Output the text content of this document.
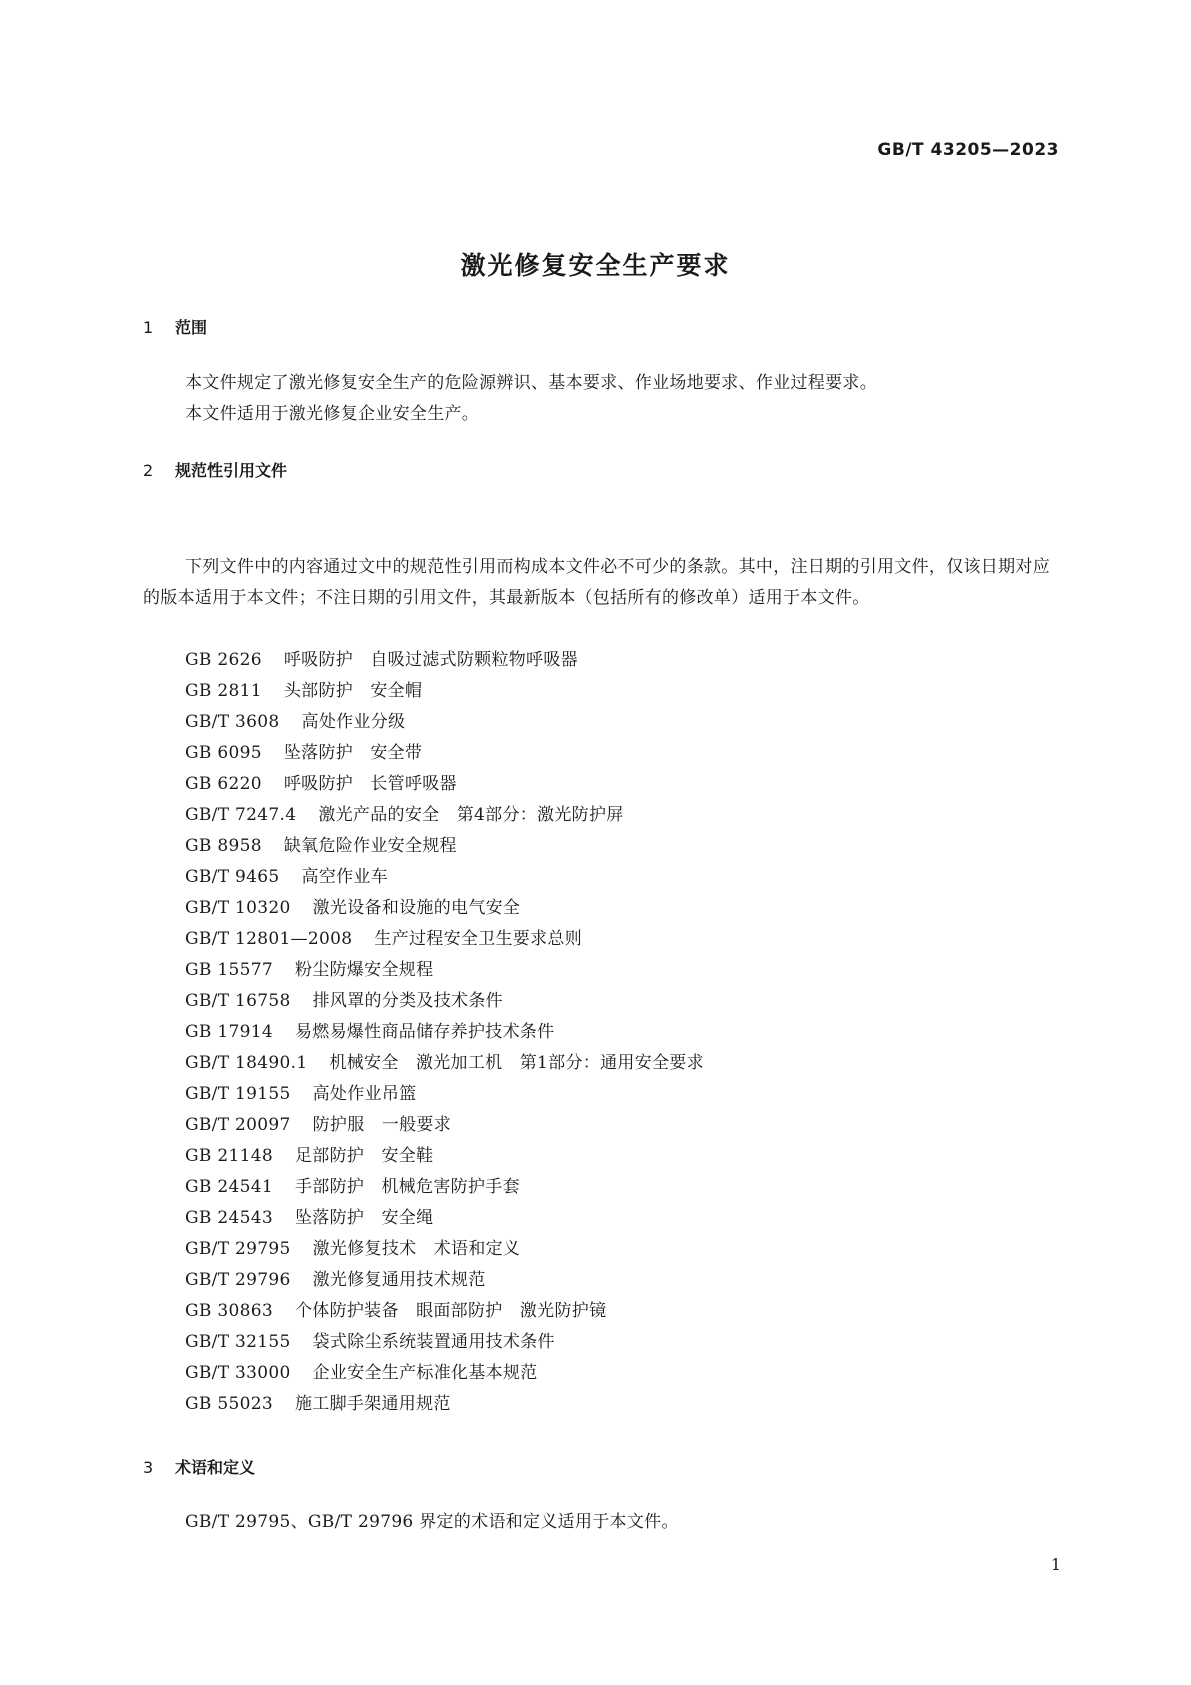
GB/T 43205—2023
激光修复安全生产要求
1 范围

本文件规定了激光修复安全生产的危险源辨识、基本要求、作业场地要求、作业过程要求。

本文件适用于激光修复企业安全生产。

2 规范性引用文件

下列文件中的内容通过文中的规范性引用而构成本文件必不可少的条款。其中，注日期的引用文件，仅该日期对应的版本适用于本文件；不注日期的引用文件，其最新版本（包括所有的修改单）适用于本文件。

GB 2626 呼吸防护　自吸过滤式防颗粒物呼吸器
GB 2811 头部防护　安全帽
GB/T 3608 高处作业分级
GB 6095 坠落防护　安全带
GB 6220 呼吸防护　长管呼吸器
GB/T 7247.4 激光产品的安全　第4部分：激光防护屏
GB 8958 缺氧危险作业安全规程
GB/T 9465 高空作业车
GB/T 10320 激光设备和设施的电气安全
GB/T 12801—2008 生产过程安全卫生要求总则
GB 15577 粉尘防爆安全规程
GB/T 16758 排风罩的分类及技术条件
GB 17914 易燃易爆性商品储存养护技术条件
GB/T 18490.1 机械安全　激光加工机　第1部分：通用安全要求
GB/T 19155 高处作业吊篮
GB/T 20097 防护服　一般要求
GB 21148 足部防护　安全鞋
GB 24541 手部防护　机械危害防护手套
GB 24543 坠落防护　安全绳
GB/T 29795 激光修复技术　术语和定义
GB/T 29796 激光修复通用技术规范
GB 30863 个体防护装备　眼面部防护　激光防护镜
GB/T 32155 袋式除尘系统装置通用技术条件
GB/T 33000 企业安全生产标准化基本规范
GB 55023 施工脚手架通用规范
3 术语和定义

GB/T 29795、GB/T 29796 界定的术语和定义适用于本文件。

1
